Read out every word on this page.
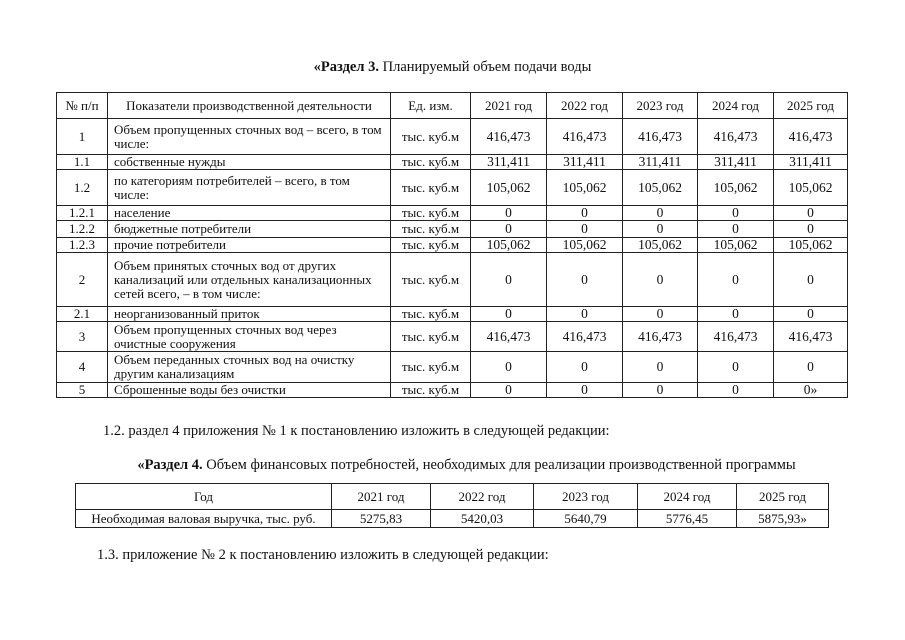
«Раздел 3. Планируемый объем подачи воды
№ п/п	Показатели производственной деятельности	Ед. изм.	2021 год	2022 год	2023 год	2024 год	2025 год
1	Объем пропущенных сточных вод – всего, в том числе:	тыс. куб.м	416,473	416,473	416,473	416,473	416,473
1.1	собственные нужды	тыс. куб.м	311,411	311,411	311,411	311,411	311,411
1.2	по категориям потребителей – всего, в том числе:	тыс. куб.м	105,062	105,062	105,062	105,062	105,062
1.2.1	население	тыс. куб.м	0	0	0	0	0
1.2.2	бюджетные потребители	тыс. куб.м	0	0	0	0	0
1.2.3	прочие потребители	тыс. куб.м	105,062	105,062	105,062	105,062	105,062
2	Объем принятых сточных вод от других канализаций или отдельных канализационных сетей всего, – в том числе:	тыс. куб.м	0	0	0	0	0
2.1	неорганизованный приток	тыс. куб.м	0	0	0	0	0
3	Объем пропущенных сточных вод через очистные сооружения	тыс. куб.м	416,473	416,473	416,473	416,473	416,473
4	Объем переданных сточных вод на очистку другим канализациям	тыс. куб.м	0	0	0	0	0
5	Сброшенные воды без очистки	тыс. куб.м	0	0	0	0	0»
1.2. раздел 4 приложения № 1 к постановлению изложить в следующей редакции:
«Раздел 4. Объем финансовых потребностей, необходимых для реализации производственной программы
Год	2021 год	2022 год	2023 год	2024 год	2025 год
Необходимая валовая выручка, тыс. руб.	5275,83	5420,03	5640,79	5776,45	5875,93»
1.3. приложение № 2 к постановлению изложить в следующей редакции:
